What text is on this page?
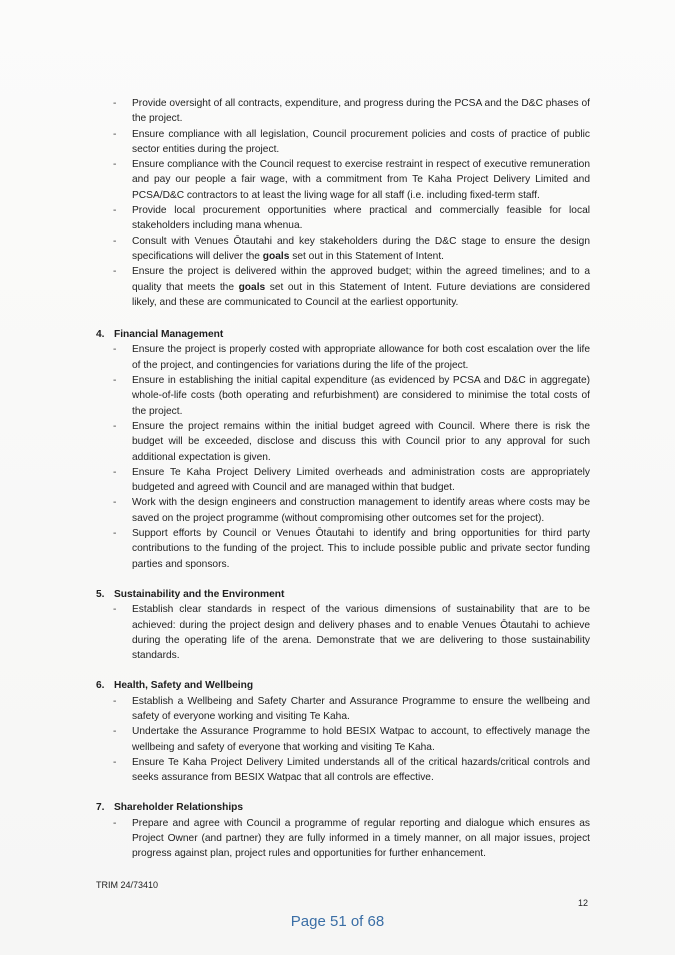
- Provide oversight of all contracts, expenditure, and progress during the PCSA and the D&C phases of the project.
- Ensure compliance with all legislation, Council procurement policies and costs of practice of public sector entities during the project.
- Ensure compliance with the Council request to exercise restraint in respect of executive remuneration and pay our people a fair wage, with a commitment from Te Kaha Project Delivery Limited and PCSA/D&C contractors to at least the living wage for all staff (i.e. including fixed-term staff.
- Provide local procurement opportunities where practical and commercially feasible for local stakeholders including mana whenua.
- Consult with Venues Ōtautahi and key stakeholders during the D&C stage to ensure the design specifications will deliver the goals set out in this Statement of Intent.
- Ensure the project is delivered within the approved budget; within the agreed timelines; and to a quality that meets the goals set out in this Statement of Intent. Future deviations are considered likely, and these are communicated to Council at the earliest opportunity.
4. Financial Management
- Ensure the project is properly costed with appropriate allowance for both cost escalation over the life of the project, and contingencies for variations during the life of the project.
- Ensure in establishing the initial capital expenditure (as evidenced by PCSA and D&C in aggregate) whole-of-life costs (both operating and refurbishment) are considered to minimise the total costs of the project.
- Ensure the project remains within the initial budget agreed with Council. Where there is risk the budget will be exceeded, disclose and discuss this with Council prior to any approval for such additional expectation is given.
- Ensure Te Kaha Project Delivery Limited overheads and administration costs are appropriately budgeted and agreed with Council and are managed within that budget.
- Work with the design engineers and construction management to identify areas where costs may be saved on the project programme (without compromising other outcomes set for the project).
- Support efforts by Council or Venues Ōtautahi to identify and bring opportunities for third party contributions to the funding of the project. This to include possible public and private sector funding parties and sponsors.
5. Sustainability and the Environment
- Establish clear standards in respect of the various dimensions of sustainability that are to be achieved: during the project design and delivery phases and to enable Venues Ōtautahi to achieve during the operating life of the arena. Demonstrate that we are delivering to those sustainability standards.
6. Health, Safety and Wellbeing
- Establish a Wellbeing and Safety Charter and Assurance Programme to ensure the wellbeing and safety of everyone working and visiting Te Kaha.
- Undertake the Assurance Programme to hold BESIX Watpac to account, to effectively manage the wellbeing and safety of everyone that working and visiting Te Kaha.
- Ensure Te Kaha Project Delivery Limited understands all of the critical hazards/critical controls and seeks assurance from BESIX Watpac that all controls are effective.
7. Shareholder Relationships
- Prepare and agree with Council a programme of regular reporting and dialogue which ensures as Project Owner (and partner) they are fully informed in a timely manner, on all major issues, project progress against plan, project rules and opportunities for further enhancement.
TRIM 24/73410
12
Page 51 of 68
